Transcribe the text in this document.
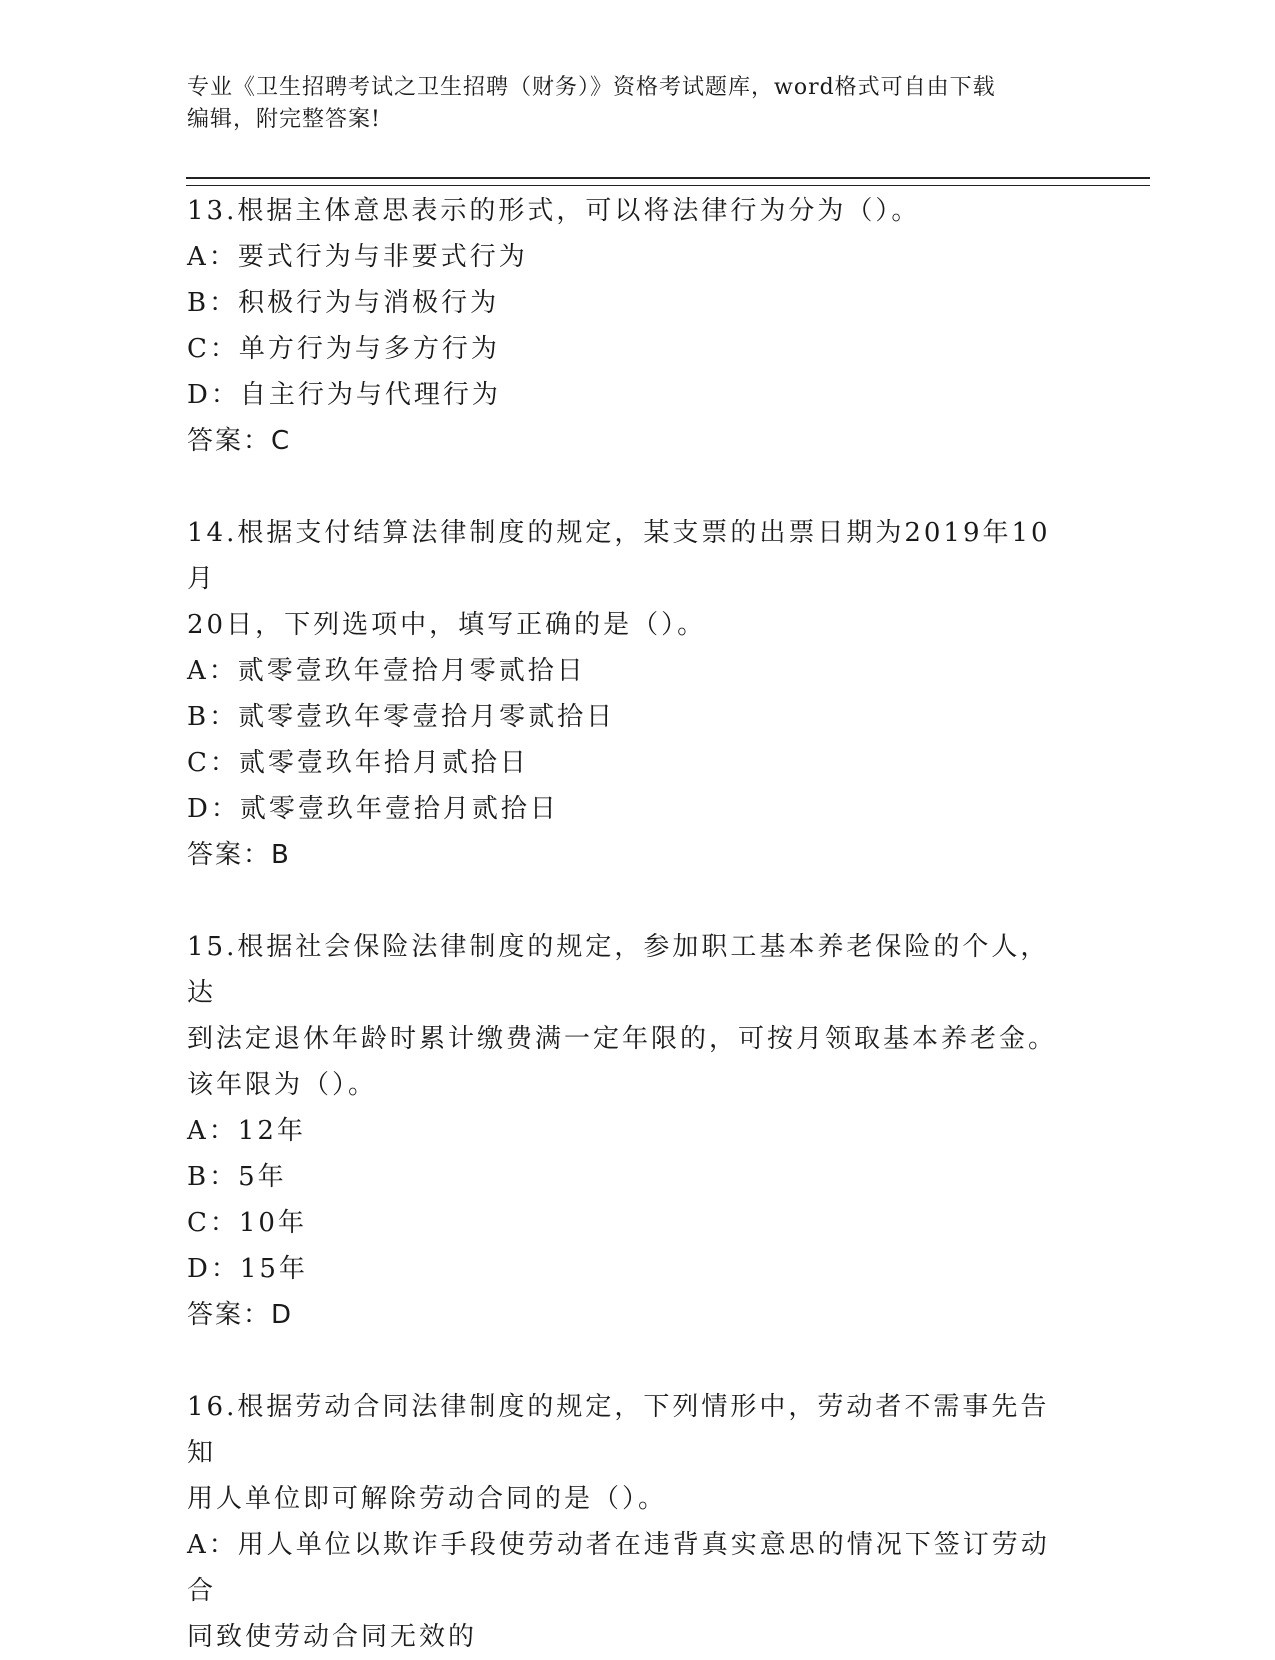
专业《卫生招聘考试之卫生招聘（财务）》资格考试题库，word格式可自由下载
编辑，附完整答案!
13.根据主体意思表示的形式，可以将法律行为分为（）。
A：要式行为与非要式行为
B：积极行为与消极行为
C：单方行为与多方行为
D：自主行为与代理行为
答案：C
14.根据支付结算法律制度的规定，某支票的出票日期为2019年10月
20日，下列选项中，填写正确的是（）。
A：贰零壹玖年壹拾月零贰拾日
B：贰零壹玖年零壹拾月零贰拾日
C：贰零壹玖年拾月贰拾日
D：贰零壹玖年壹拾月贰拾日
答案：B
15.根据社会保险法律制度的规定，参加职工基本养老保险的个人，达
到法定退休年龄时累计缴费满一定年限的，可按月领取基本养老金。
该年限为（）。
A：12年
B：5年
C：10年
D：15年
答案：D
16.根据劳动合同法律制度的规定，下列情形中，劳动者不需事先告知
用人单位即可解除劳动合同的是（）。
A：用人单位以欺诈手段使劳动者在违背真实意思的情况下签订劳动合
同致使劳动合同无效的
